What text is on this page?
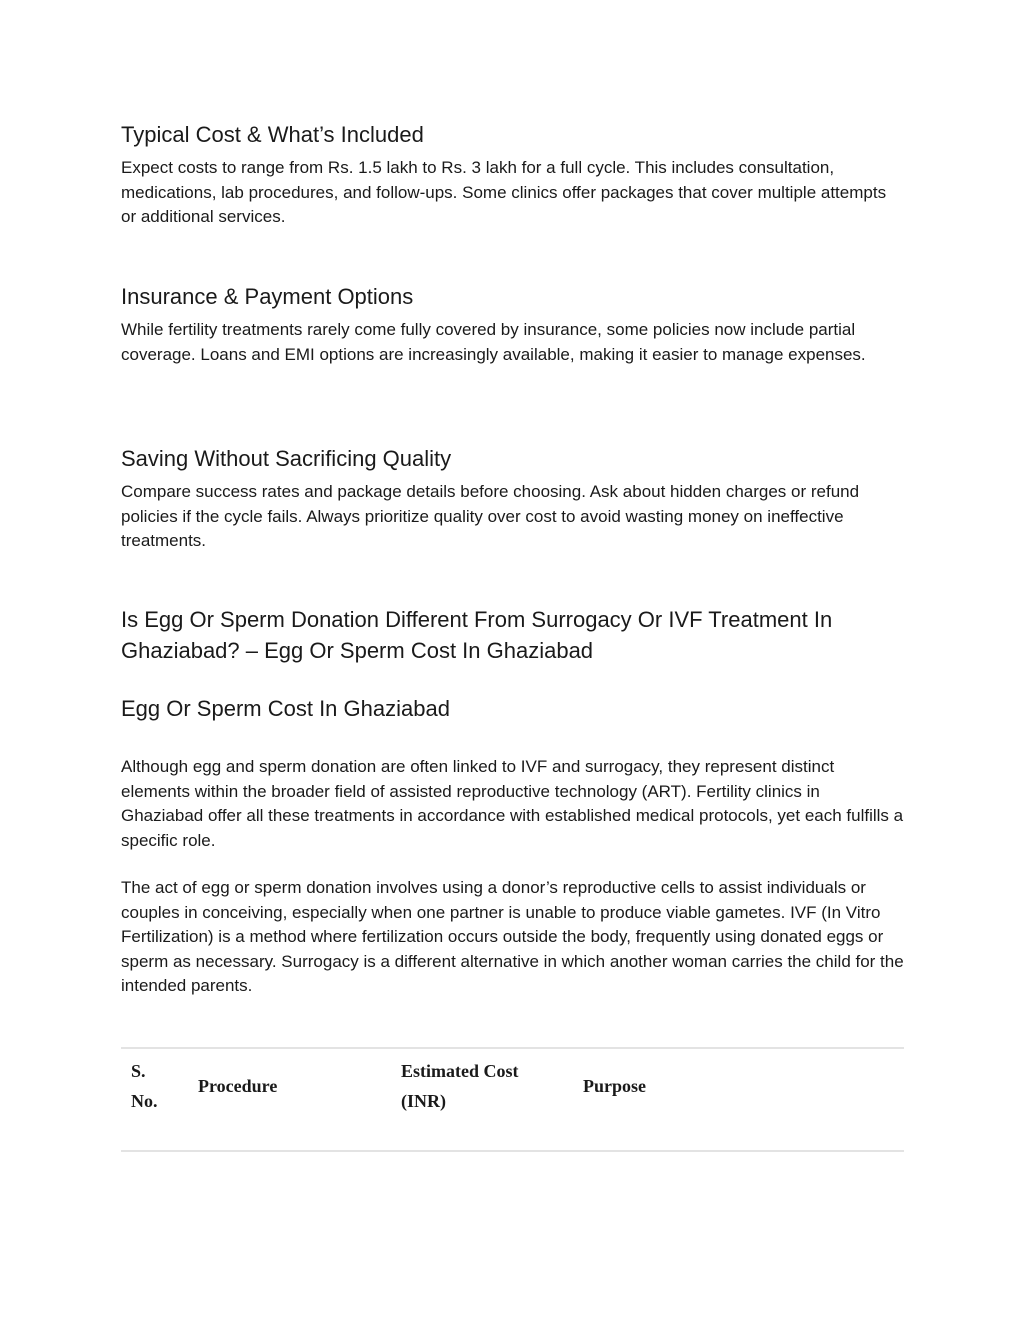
Typical Cost & What’s Included

Expect costs to range from Rs. 1.5 lakh to Rs. 3 lakh for a full cycle. This includes consultation, medications, lab procedures, and follow-ups. Some clinics offer packages that cover multiple attempts or additional services.

Insurance & Payment Options

While fertility treatments rarely come fully covered by insurance, some policies now include partial coverage. Loans and EMI options are increasingly available, making it easier to manage expenses.

Saving Without Sacrificing Quality

Compare success rates and package details before choosing. Ask about hidden charges or refund policies if the cycle fails. Always prioritize quality over cost to avoid wasting money on ineffective treatments.

Is Egg Or Sperm Donation Different From Surrogacy Or IVF Treatment In Ghaziabad? – Egg Or Sperm Cost In Ghaziabad
Egg Or Sperm Cost In Ghaziabad

Although egg and sperm donation are often linked to IVF and surrogacy, they represent distinct elements within the broader field of assisted reproductive technology (ART). Fertility clinics in Ghaziabad offer all these treatments in accordance with established medical protocols, yet each fulfills a specific role.

The act of egg or sperm donation involves using a donor’s reproductive cells to assist individuals or couples in conceiving, especially when one partner is unable to produce viable gametes. IVF (In Vitro Fertilization) is a method where fertilization occurs outside the body, frequently using donated eggs or sperm as necessary. Surrogacy is a different alternative in which another woman carries the child for the intended parents.

S. No.
Procedure
Estimated Cost (INR)
Purpose
